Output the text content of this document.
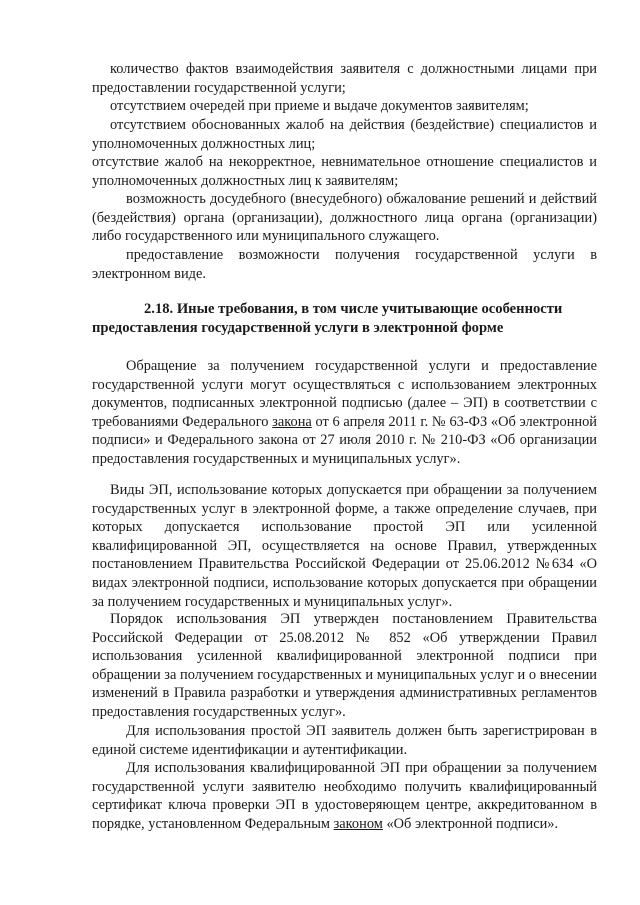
количество фактов взаимодействия заявителя с должностными лицами при предоставлении государственной услуги;

отсутствием очередей при приеме и выдаче документов заявителям;

отсутствием обоснованных жалоб на действия (бездействие) специалистов и уполномоченных должностных лиц;

отсутствие жалоб на некорректное, невнимательное отношение специалистов и уполномоченных должностных лиц к заявителям;

возможность досудебного (внесудебного) обжалование решений и действий (бездействия) органа (организации), должностного лица органа (организации) либо государственного или муниципального служащего.

предоставление возможности получения государственной услуги в электронном виде.

2.18. Иные требования, в том числе учитывающие особенности
предоставления государственной услуги в электронной форме

Обращение за получением государственной услуги и предоставление государственной услуги могут осуществляться с использованием электронных документов, подписанных электронной подписью (далее – ЭП) в соответствии с требованиями Федерального закона от 6 апреля 2011 г. № 63-ФЗ «Об электронной подписи» и Федерального закона от 27 июля 2010 г. № 210-ФЗ «Об организации предоставления государственных и муниципальных услуг».

Виды ЭП, использование которых допускается при обращении за получением государственных услуг в электронной форме, а также определение случаев, при которых допускается использование простой ЭП или усиленной квалифицированной ЭП, осуществляется на основе Правил, утвержденных постановлением Правительства Российской Федерации от 25.06.2012 №634 «О видах электронной подписи, использование которых допускается при обращении за получением государственных и муниципальных услуг».

Порядок использования ЭП утвержден постановлением Правительства Российской Федерации от 25.08.2012 № 852 «Об утверждении Правил использования усиленной квалифицированной электронной подписи при обращении за получением государственных и муниципальных услуг и о внесении изменений в Правила разработки и утверждения административных регламентов предоставления государственных услуг».

Для использования простой ЭП заявитель должен быть зарегистрирован в единой системе идентификации и аутентификации.

Для использования квалифицированной ЭП при обращении за получением государственной услуги заявителю необходимо получить квалифицированный сертификат ключа проверки ЭП в удостоверяющем центре, аккредитованном в порядке, установленном Федеральным законом «Об электронной подписи».
